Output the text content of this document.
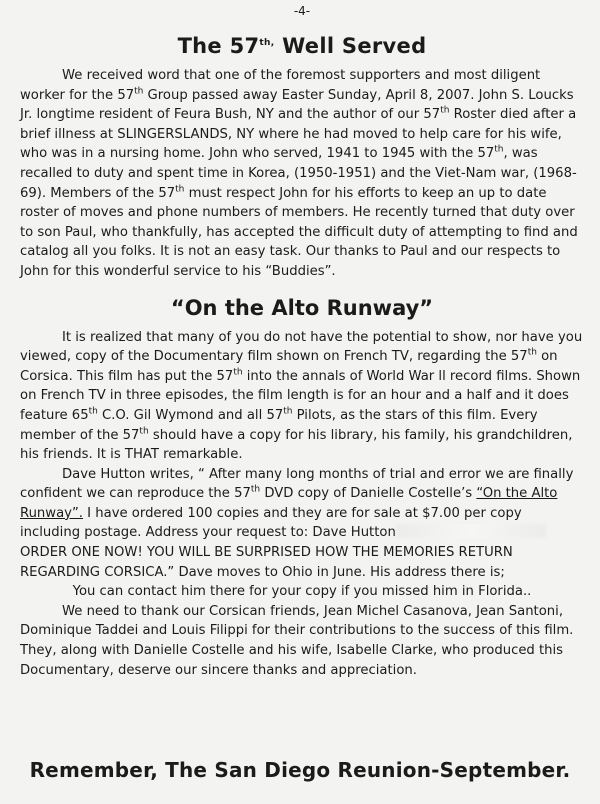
-4-
The $57^{th,}$ Well Served

We received word that one of the foremost supporters and most diligent worker for the 57th Group passed away Easter Sunday, April 8, 2007. John S. Loucks Jr. longtime resident of Feura Bush, NY and the author of our 57th Roster died after a brief illness at SLINGERSLANDS, NY where he had moved to help care for his wife, who was in a nursing home. John who served, 1941 to 1945 with the 57th, was recalled to duty and spent time in Korea, (1950-1951) and the Viet-Nam war, (1968-69). Members of the 57th must respect John for his efforts to keep an up to date roster of moves and phone numbers of members. He recently turned that duty over to son Paul, who thankfully, has accepted the difficult duty of attempting to find and catalog all you folks. It is not an easy task. Our thanks to Paul and our respects to John for this wonderful service to his “Buddies”.

“On the Alto Runway”

It is realized that many of you do not have the potential to show, nor have you viewed, copy of the Documentary film shown on French TV, regarding the 57th on Corsica. This film has put the 57th into the annals of World War ll record films. Shown on French TV in three episodes, the film length is for an hour and a half and it does feature 65th C.O. Gil Wymond and all 57th Pilots, as the stars of this film. Every member of the 57th should have a copy for his library, his family, his grandchildren, his friends. It is THAT remarkable.

Dave Hutton writes, “ After many long months of trial and error we are finally confident we can reproduce the 57th DVD copy of Danielle Costelle’s “On the Alto Runway”. I have ordered 100 copies and they are for sale at $7.00 per copy including postage. Address your request to: Dave HuttonORDER ONE NOW! YOU WILL BE SURPRISED HOW THE MEMORIES RETURN REGARDING CORSICA.” Dave moves to Ohio in June. His address there is;

You can contact him there for your copy if you missed him in Florida..

We need to thank our Corsican friends, Jean Michel Casanova, Jean Santoni, Dominique Taddei and Louis Filippi for their contributions to the success of this film. They, along with Danielle Costelle and his wife, Isabelle Clarke, who produced this Documentary, deserve our sincere thanks and appreciation.

Remember, The San Diego Reunion-September.
